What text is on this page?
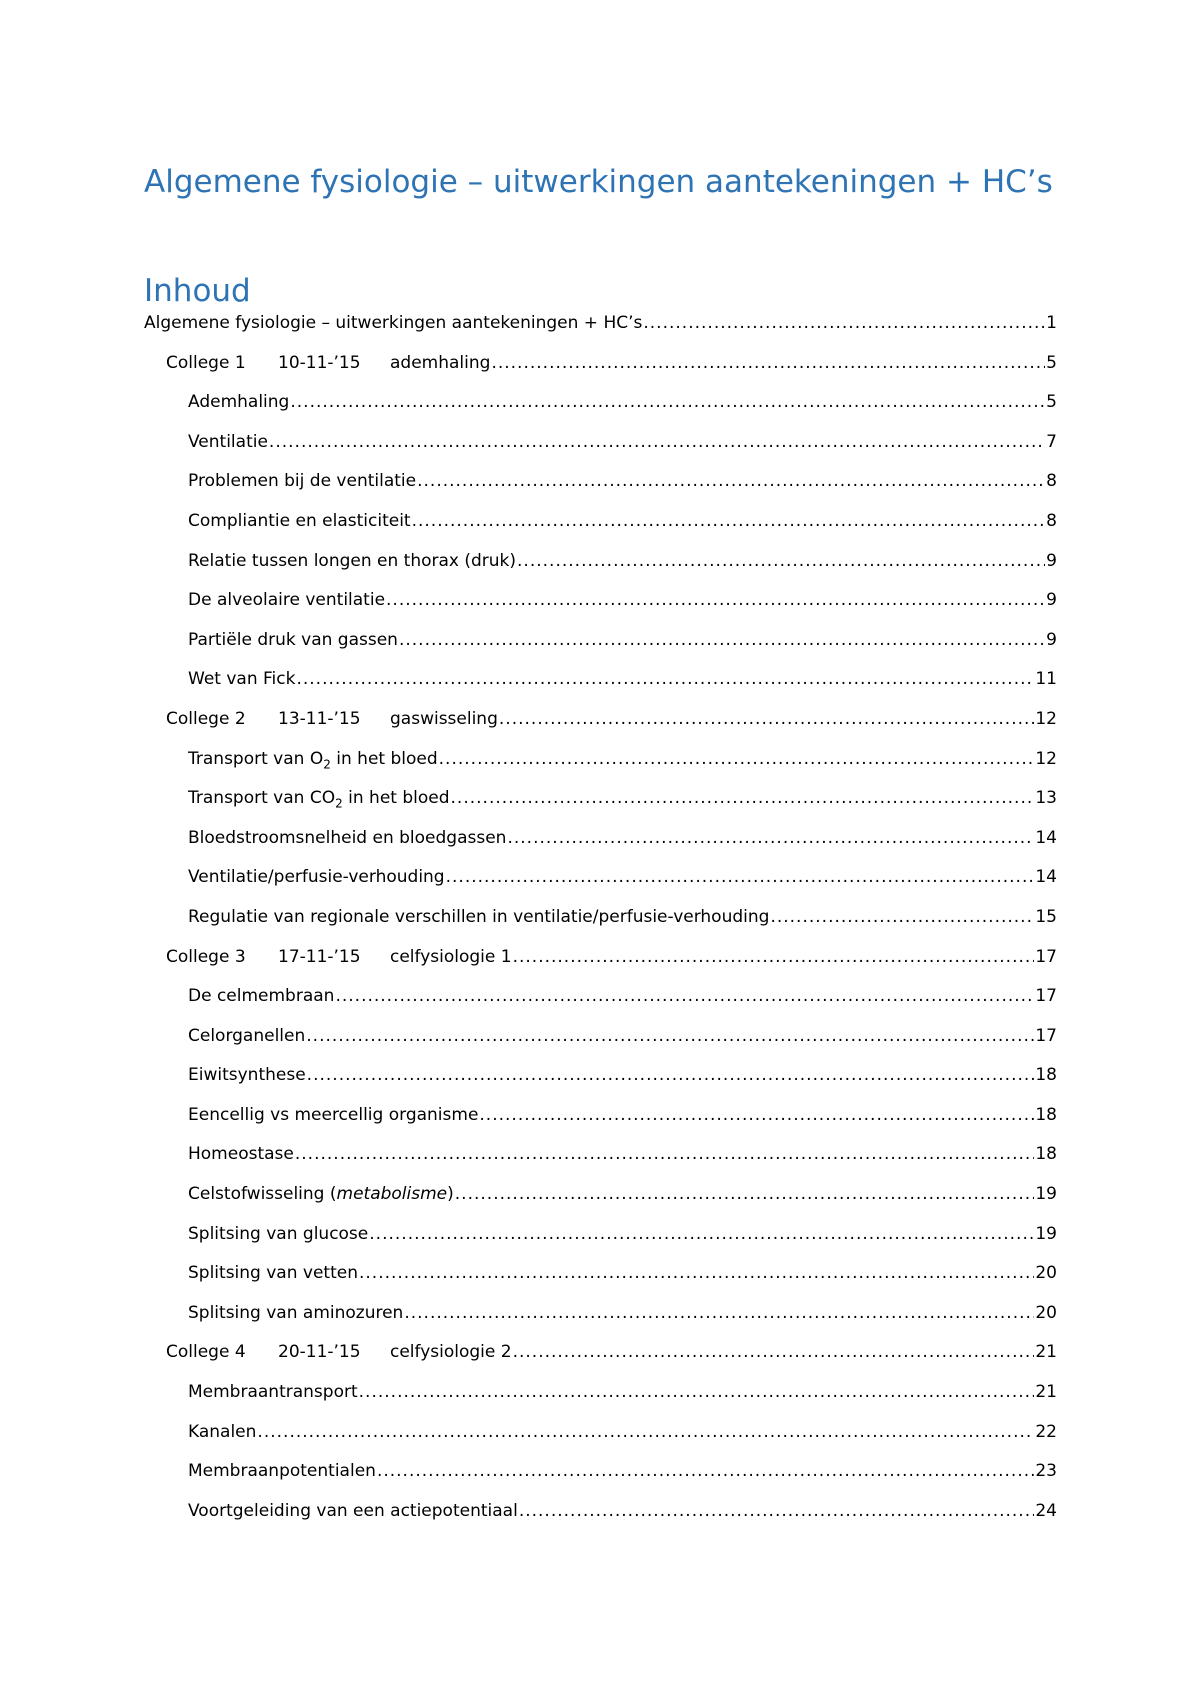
Algemene fysiologie – uitwerkingen aantekeningen + HC’s
Inhoud
Algemene fysiologie – uitwerkingen aantekeningen + HC’s .....	1
College 1 10-11-’15 ademhaling .....	5
Ademhaling .....	5
Ventilatie .....	7
Problemen bij de ventilatie .....	8
Compliantie en elasticiteit .....	8
Relatie tussen longen en thorax (druk) .....	9
De alveolaire ventilatie .....	9
Partiële druk van gassen .....	9
Wet van Fick .....	11
College 2 13-11-’15 gaswisseling .....	12
Transport van $O_2$ in het bloed .....	12
Transport van $CO_2$ in het bloed .....	13
Bloedstroomsnelheid en bloedgassen .....	14
Ventilatie/perfusie-verhouding .....	14
Regulatie van regionale verschillen in ventilatie/perfusie-verhouding .....	15
College 3 17-11-’15 celfysiologie 1 .....	17
De celmembraan .....	17
Celorganellen .....	17
Eiwitsynthese .....	18
Eencellig vs meercellig organisme .....	18
Homeostase .....	18
Celstofwisseling (metabolisme) .....	19
Splitsing van glucose .....	19
Splitsing van vetten .....	20
Splitsing van aminozuren .....	20
College 4 20-11-’15 celfysiologie 2 .....	21
Membraantransport .....	21
Kanalen .....	22
Membraanpotentialen .....	23
Voortgeleiding van een actiepotentiaal .....	24
